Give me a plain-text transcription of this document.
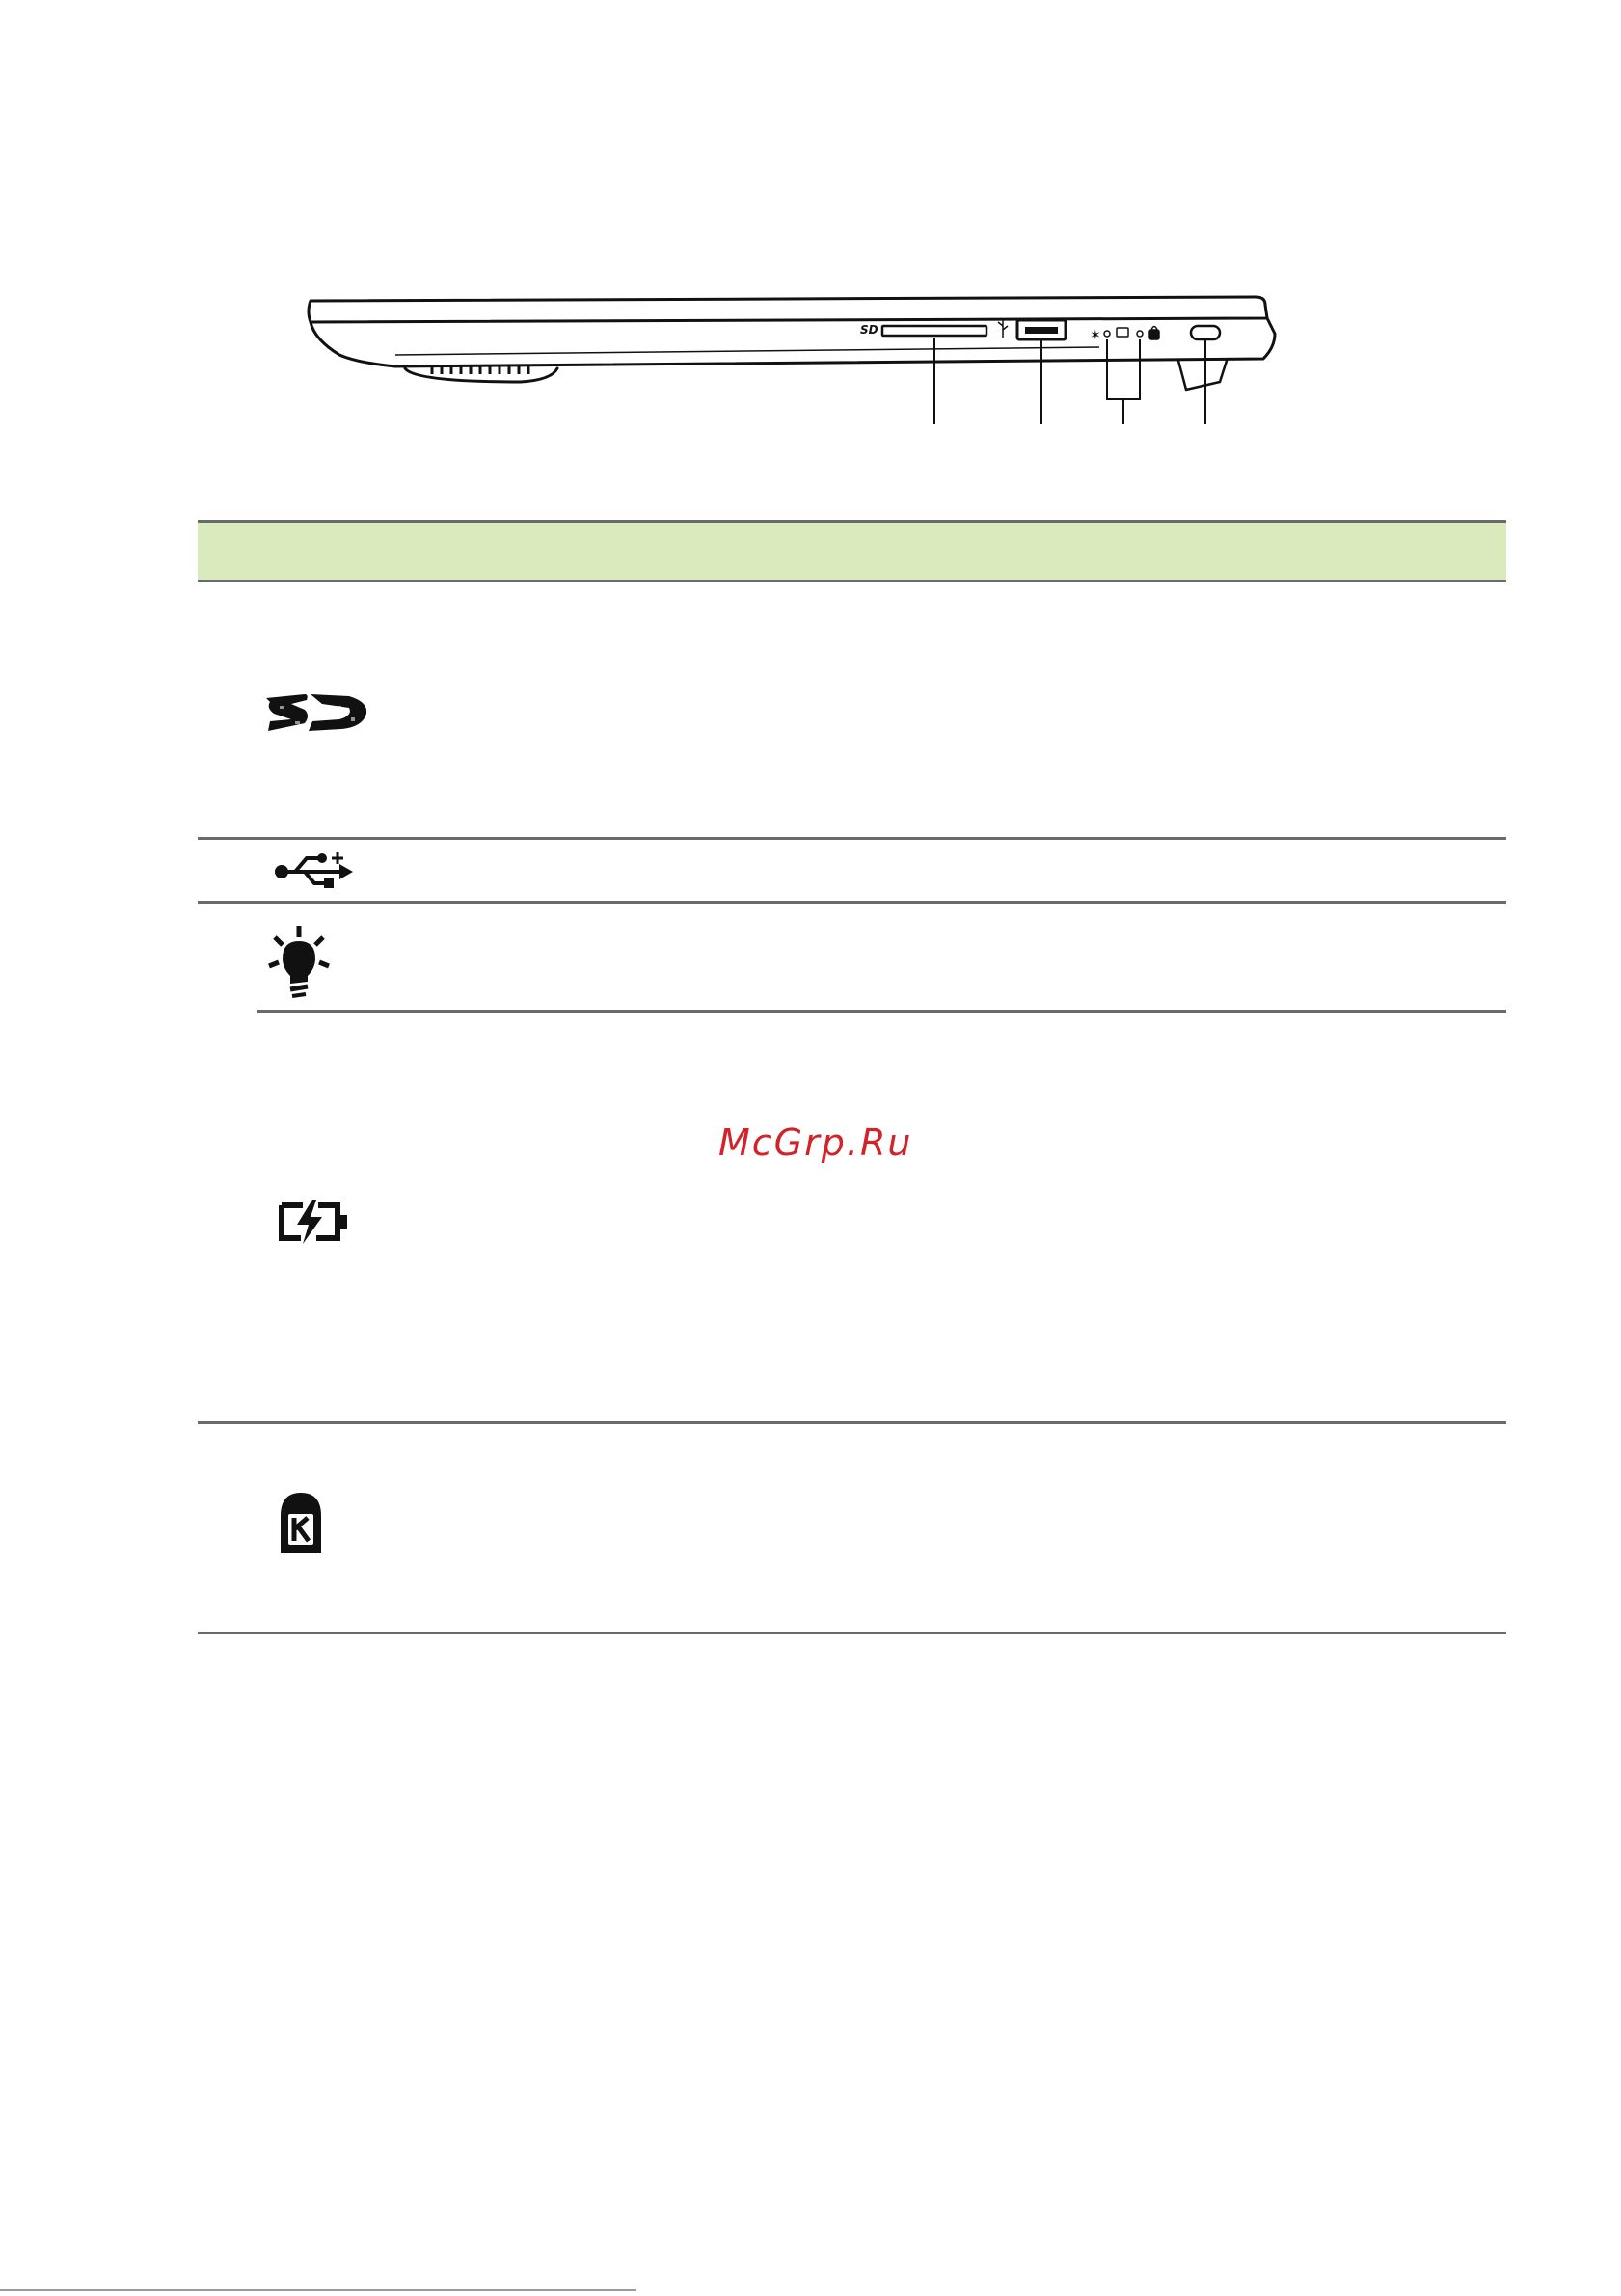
SD	✶
McGrp.Ru
